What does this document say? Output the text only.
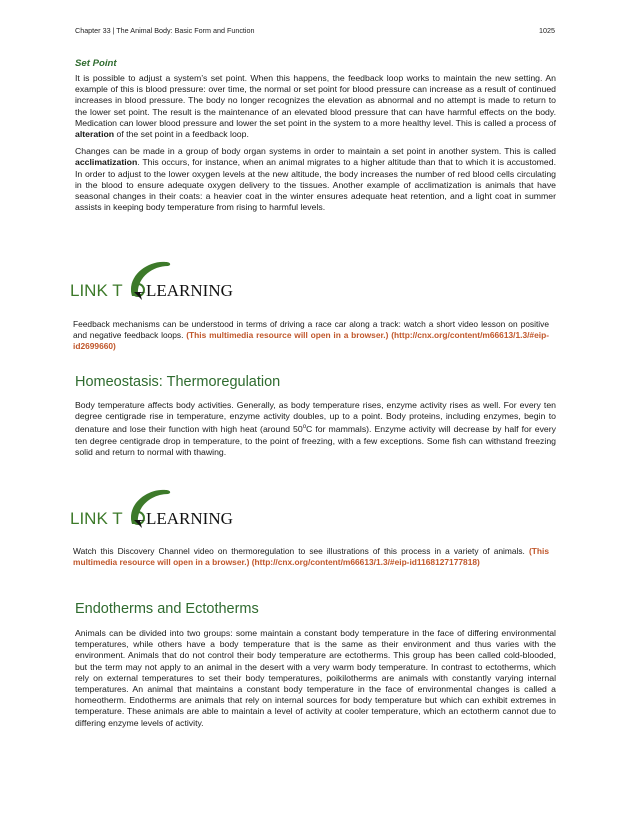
Chapter 33 | The Animal Body: Basic Form and Function	1025
Set Point

It is possible to adjust a system’s set point. When this happens, the feedback loop works to maintain the new setting. An example of this is blood pressure: over time, the normal or set point for blood pressure can increase as a result of continued increases in blood pressure. The body no longer recognizes the elevation as abnormal and no attempt is made to return to the lower set point. The result is the maintenance of an elevated blood pressure that can have harmful effects on the body. Medication can lower blood pressure and lower the set point in the system to a more healthy level. This is called a process of alteration of the set point in a feedback loop.

Changes can be made in a group of body organ systems in order to maintain a set point in another system. This is called acclimatization. This occurs, for instance, when an animal migrates to a higher altitude than that to which it is accustomed. In order to adjust to the lower oxygen levels at the new altitude, the body increases the number of red blood cells circulating in the blood to ensure adequate oxygen delivery to the tissues. Another example of acclimatization is animals that have seasonal changes in their coats: a heavier coat in the winter ensures adequate heat retention, and a light coat in summer assists in keeping body temperature from rising to harmful levels.

LINK T LEARNING
Feedback mechanisms can be understood in terms of driving a race car along a track: watch a short video lesson on positive and negative feedback loops. (This multimedia resource will open in a browser.) (http://cnx.org/content/m66613/1.3/#eip-id2699660)
Homeostasis: Thermoregulation

Body temperature affects body activities. Generally, as body temperature rises, enzyme activity rises as well. For every ten degree centigrade rise in temperature, enzyme activity doubles, up to a point. Body proteins, including enzymes, begin to denature and lose their function with high heat (around 50$^o$C for mammals). Enzyme activity will decrease by half for every ten degree centigrade drop in temperature, to the point of freezing, with a few exceptions. Some fish can withstand freezing solid and return to normal with thawing.

LINK T LEARNING
Watch this Discovery Channel video on thermoregulation to see illustrations of this process in a variety of animals. (This multimedia resource will open in a browser.) (http://cnx.org/content/m66613/1.3/#eip-id1168127177818)
Endotherms and Ectotherms

Animals can be divided into two groups: some maintain a constant body temperature in the face of differing environmental temperatures, while others have a body temperature that is the same as their environment and thus varies with the environment. Animals that do not control their body temperature are ectotherms. This group has been called cold-blooded, but the term may not apply to an animal in the desert with a very warm body temperature. In contrast to ectotherms, which rely on external temperatures to set their body temperatures, poikilotherms are animals with constantly varying internal temperatures. An animal that maintains a constant body temperature in the face of environmental changes is called a homeotherm. Endotherms are animals that rely on internal sources for body temperature but which can exhibit extremes in temperature. These animals are able to maintain a level of activity at cooler temperature, which an ectotherm cannot due to differing enzyme levels of activity.
